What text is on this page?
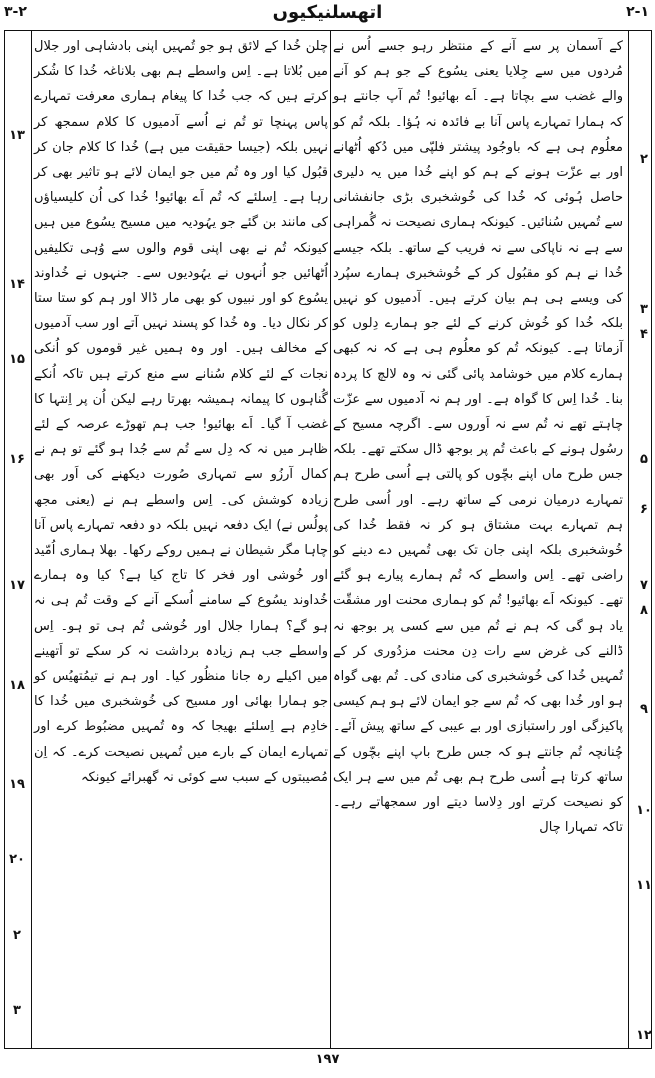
۳-۲	اتھسلنیکیوں	۲-۱

کے آسمان پر سے آنے کے منتظر رہو جسے اُس نے مُردوں میں سے جِلایا یعنی یسُوع کے جو ہم کو آنے والے غضب سے بچاتا ہے۔ اَے بھائیو! تُم آپ جانتے ہو کہ ہمارا تمہارے پاس آنا بے فائدہ نہ ہُؤا۔ بلکہ تُم کو معلُوم ہی ہے کہ باوجُود پیشتر فلپّی میں دُکھ اُٹھانے اور بے عزّت ہونے کے ہم کو اپنے خُدا میں یہ دلیری حاصل ہُوئی کہ خُدا کی خُوشخبری بڑی جانفشانی سے تُمہیں سُنائیں۔ کیونکہ ہماری نصیحت نہ گُمراہی سے ہے نہ ناپاکی سے نہ فریب کے ساتھ۔ بلکہ جیسے خُدا نے ہم کو مقبُول کر کے خُوشخبری ہمارے سپُرد کی ویسے ہی ہم بیان کرتے ہیں۔ آدمیوں کو نہیں بلکہ خُدا کو خُوش کرنے کے لئے جو ہمارے دِلوں کو آزماتا ہے۔ کیونکہ تُم کو معلُوم ہی ہے کہ نہ کبھی ہمارے کلام میں خوشامد پائی گئی نہ وہ لالچ کا پردہ بنا۔ خُدا اِس کا گواہ ہے۔ اور ہم نہ آدمیوں سے عزّت چاہتے تھے نہ تُم سے نہ اَوروں سے۔ اگرچہ مسیح کے رسُول ہونے کے باعث تُم پر بوجھ ڈال سکتے تھے۔ بلکہ جس طرح ماں اپنے بچّوں کو پالتی ہے اُسی طرح ہم تمہارے درمیان نرمی کے ساتھ رہے۔ اور اُسی طرح ہم تمہارے بہت مشتاق ہو کر نہ فقط خُدا کی خُوشخبری بلکہ اپنی جان تک بھی تُمہیں دے دینے کو راضی تھے۔ اِس واسطے کہ تُم ہمارے پیارے ہو گئے تھے۔ کیونکہ اَے بھائیو! تُم کو ہماری محنت اور مشقّت یاد ہو گی کہ ہم نے تُم میں سے کسی پر بوجھ نہ ڈالنے کی غرض سے رات دِن محنت مزدُوری کر کے تُمہیں خُدا کی خُوشخبری کی منادی کی۔ تُم بھی گواہ ہو اور خُدا بھی کہ تُم سے جو ایمان لائے ہو ہم کیسی پاکیزگی اور راستبازی اور بے عیبی کے ساتھ پیش آئے۔ چُنانچہ تُم جانتے ہو کہ جس طرح باپ اپنے بچّوں کے ساتھ کرتا ہے اُسی طرح ہم بھی تُم میں سے ہر ایک کو نصیحت کرتے اور دِلاسا دیتے اور سمجھاتے رہے۔ تاکہ تمہارا چال

چلن خُدا کے لائق ہو جو تُمہیں اپنی بادشاہی اور جلال میں بُلاتا ہے۔ اِس واسطے ہم بھی بلاناغہ خُدا کا شُکر کرتے ہیں کہ جب خُدا کا پیغام ہماری معرفت تمہارے پاس پہنچا تو تُم نے اُسے آدمیوں کا کلام سمجھ کر نہیں بلکہ (جیسا حقیقت میں ہے) خُدا کا کلام جان کر قبُول کیا اور وہ تُم میں جو ایمان لائے ہو تاثیر بھی کر رہا ہے۔ اِسلئے کہ تُم اَے بھائیو! خُدا کی اُن کلیسیاؤں کی مانند بن گئے جو یہُودیہ میں مسیح یسُوع میں ہیں کیونکہ تُم نے بھی اپنی قوم والوں سے وُہی تکلیفیں اُٹھائیں جو اُنہوں نے یہُودیوں سے۔ جنہوں نے خُداوند یسُوع کو اور نبیوں کو بھی مار ڈالا اور ہم کو ستا ستا کر نکال دیا۔ وہ خُدا کو پسند نہیں آتے اور سب آدمیوں کے مخالف ہیں۔ اور وہ ہمیں غیر قوموں کو اُنکی نجات کے لئے کلام سُنانے سے منع کرتے ہیں تاکہ اُنکے گُناہوں کا پیمانہ ہمیشہ بھرتا رہے لیکن اُن پر اِنتہا کا غضب آ گیا۔ اَے بھائیو! جب ہم تھوڑے عرصہ کے لئے ظاہر میں نہ کہ دِل سے تُم سے جُدا ہو گئے تو ہم نے کمال آرزُو سے تمہاری صُورت دیکھنے کی اَور بھی زیادہ کوشش کی۔ اِس واسطے ہم نے (یعنی مجھ پولُس نے) ایک دفعہ نہیں بلکہ دو دفعہ تمہارے پاس آنا چاہا مگر شیطان نے ہمیں روکے رکھا۔ بھلا ہماری اُمّید اور خُوشی اور فخر کا تاج کیا ہے؟ کیا وہ ہمارے خُداوند یسُوع کے سامنے اُسکے آنے کے وقت تُم ہی نہ ہو گے؟ ہمارا جلال اور خُوشی تُم ہی تو ہو۔ اِس واسطے جب ہم زیادہ برداشت نہ کر سکے تو اَتھینے میں اکیلے رہ جانا منظُور کیا۔ اور ہم نے تیمُتھیُس کو جو ہمارا بھائی اور مسیح کی خُوشخبری میں خُدا کا خادِم ہے اِسلئے بھیجا کہ وہ تُمہیں مضبُوط کرے اور تمہارے ایمان کے بارے میں تُمہیں نصیحت کرے۔ کہ اِن مُصیبتوں کے سبب سے کوئی نہ گھبرائے کیونکہ

۲
۳
۴
۵
۶
۷
۸
۹
۱۰
۱۱
۱۲
۱۳
۱۴
۱۵
۱۶
۱۷
۱۸
۱۹
۲۰
۲
۳
۱۹۷
